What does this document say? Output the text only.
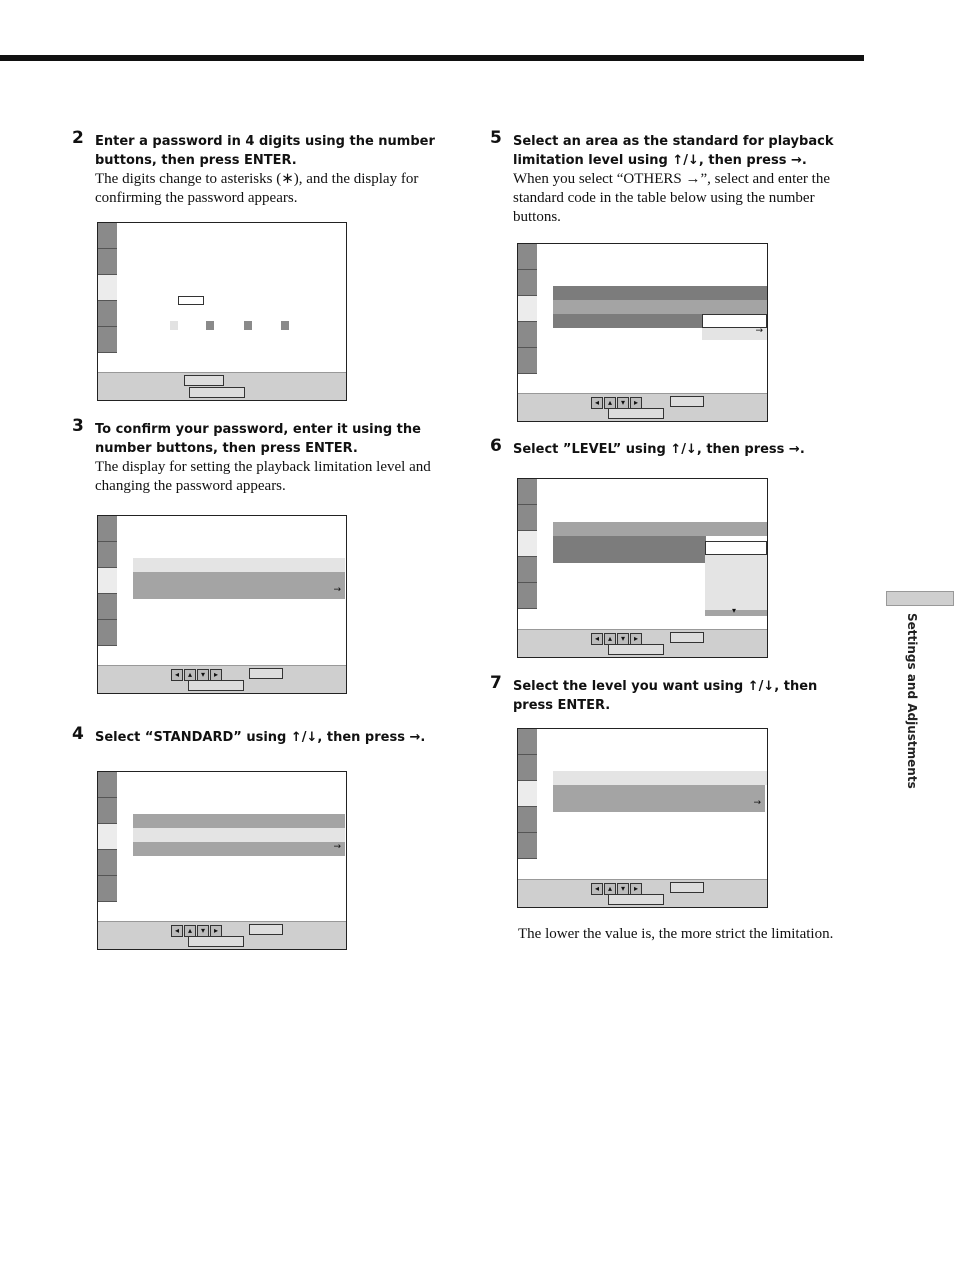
2 Enter a password in 4 digits using the number buttons, then press ENTER.
The digits change to asterisks (∗), and the display for confirming the password appears.
3 To confirm your password, enter it using the number buttons, then press ENTER.
The display for setting the playback limitation level and changing the password appears.
→
◂	▴	▾	▸
4 Select “STANDARD” using ↑/↓, then press →.
→
◂	▴	▾	▸
5 Select an area as the standard for playback limitation level using ↑/↓, then press →.
When you select “OTHERS →”, select and enter the standard code in the table below using the number buttons.
→
◂	▴	▾	▸
6 Select ”LEVEL” using ↑/↓, then press →.
▾
◂	▴	▾	▸
7 Select the level you want using ↑/↓, then press ENTER.
→
◂	▴	▾	▸
The lower the value is, the more strict the limitation.
Settings and Adjustments
